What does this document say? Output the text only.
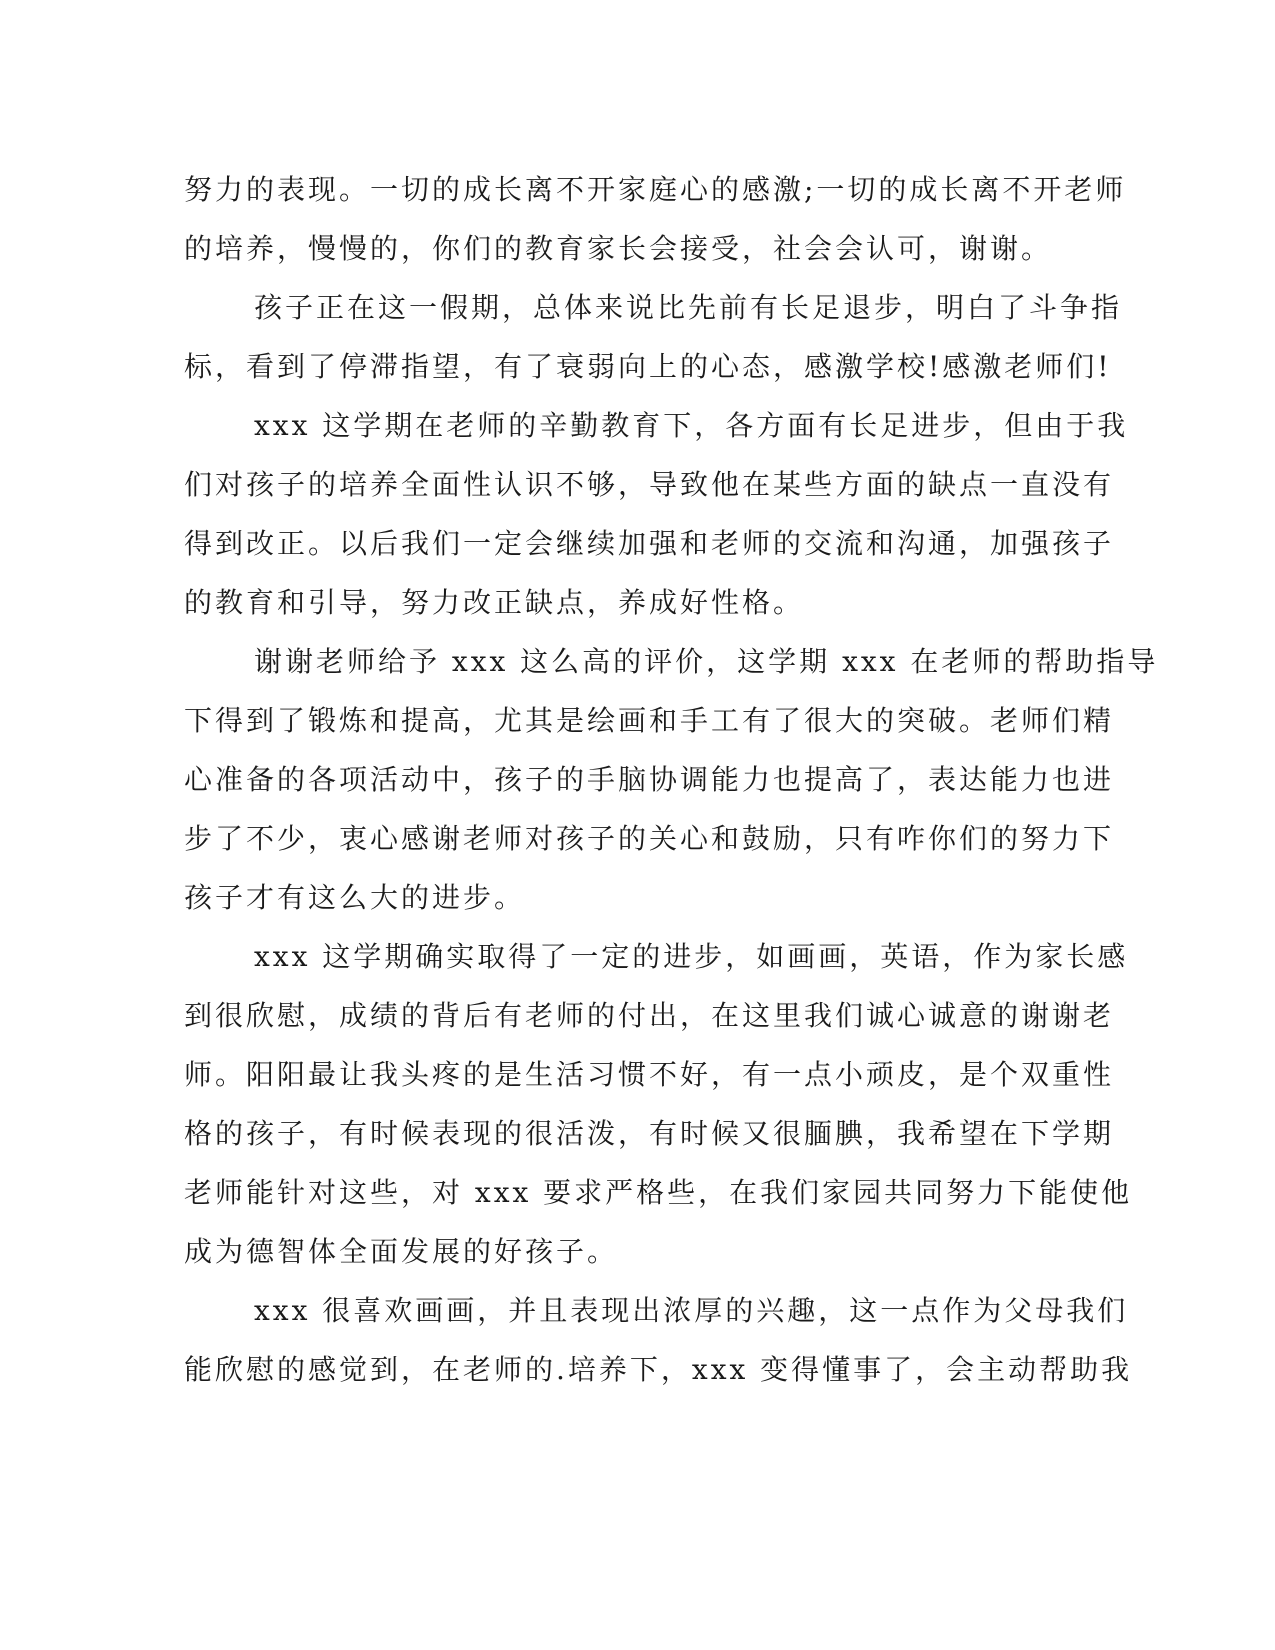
努力的表现。一切的成长离不开家庭心的感激;一切的成长离不开老师
的培养，慢慢的，你们的教育家长会接受，社会会认可，谢谢。
孩子正在这一假期，总体来说比先前有长足退步，明白了斗争指
标，看到了停滞指望，有了衰弱向上的心态，感激学校!感激老师们!
xxx 这学期在老师的辛勤教育下，各方面有长足进步，但由于我
们对孩子的培养全面性认识不够，导致他在某些方面的缺点一直没有
得到改正。以后我们一定会继续加强和老师的交流和沟通，加强孩子
的教育和引导，努力改正缺点，养成好性格。
谢谢老师给予 xxx 这么高的评价，这学期 xxx 在老师的帮助指导
下得到了锻炼和提高，尤其是绘画和手工有了很大的突破。老师们精
心准备的各项活动中，孩子的手脑协调能力也提高了，表达能力也进
步了不少，衷心感谢老师对孩子的关心和鼓励，只有咋你们的努力下
孩子才有这么大的进步。
xxx 这学期确实取得了一定的进步，如画画，英语，作为家长感
到很欣慰，成绩的背后有老师的付出，在这里我们诚心诚意的谢谢老
师。阳阳最让我头疼的是生活习惯不好，有一点小顽皮，是个双重性
格的孩子，有时候表现的很活泼，有时候又很腼腆，我希望在下学期
老师能针对这些，对 xxx 要求严格些，在我们家园共同努力下能使他
成为德智体全面发展的好孩子。
xxx 很喜欢画画，并且表现出浓厚的兴趣，这一点作为父母我们
能欣慰的感觉到，在老师的.培养下，xxx 变得懂事了，会主动帮助我
